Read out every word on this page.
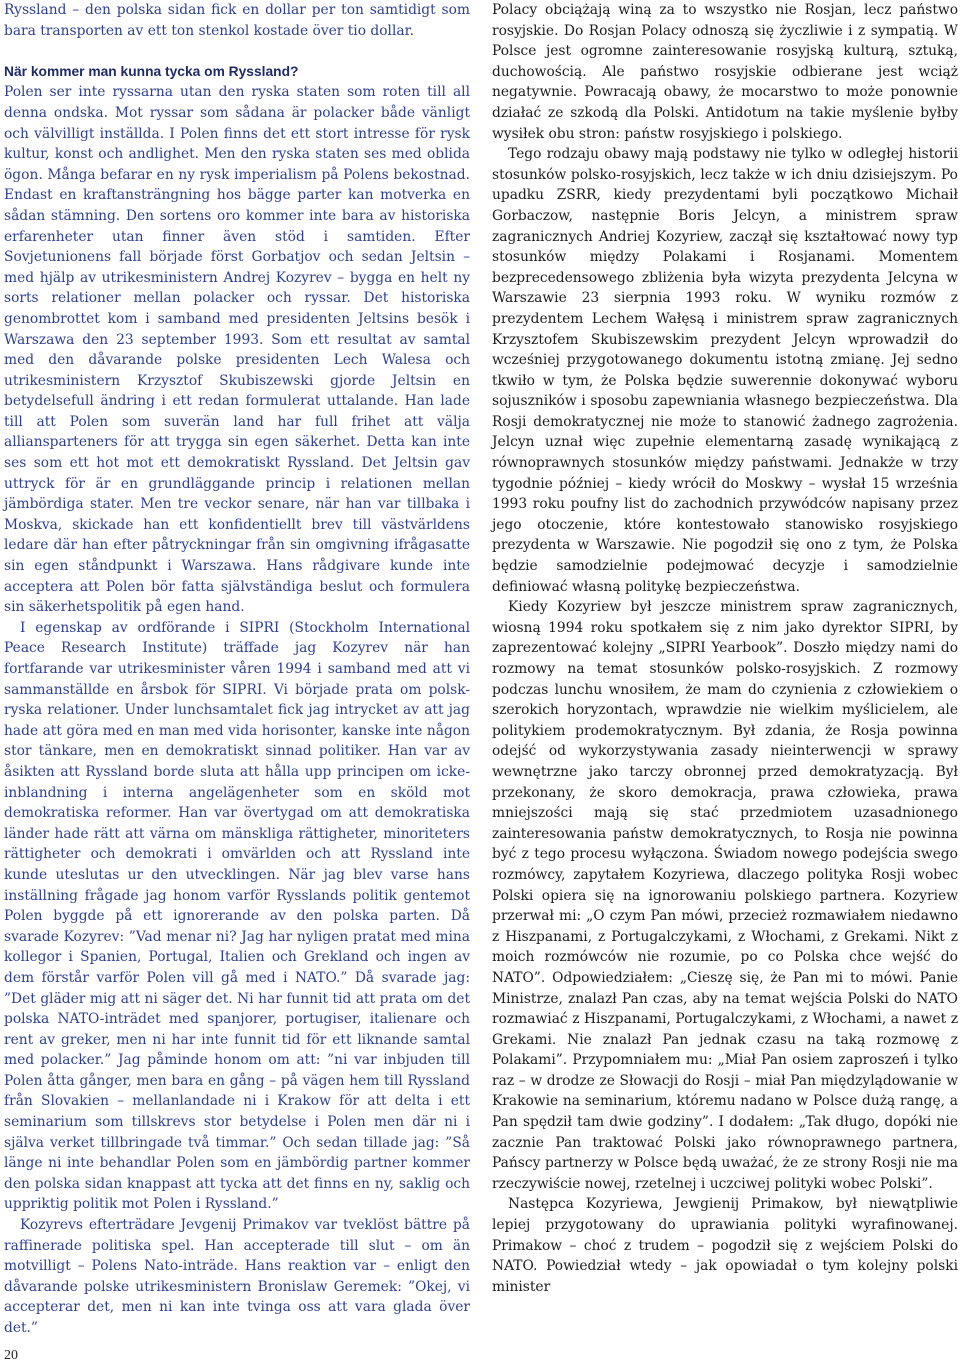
Ryssland – den polska sidan fick en dollar per ton samtidigt som bara transporten av ett ton stenkol kostade över tio dollar.

När kommer man kunna tycka om Ryssland?

Polen ser inte ryssarna utan den ryska staten som roten till all denna ondska. Mot ryssar som sådana är polacker både vänligt och välvilligt inställda. I Polen finns det ett stort intresse för rysk kultur, konst och andlighet. Men den ryska staten ses med oblida ögon. Många befarar en ny rysk imperialism på Polens bekostnad. Endast en kraftansträngning hos bägge parter kan motverka en sådan stämning. Den sortens oro kommer inte bara av historiska erfarenheter utan finner även stöd i samtiden. Efter Sovjetunionens fall började först Gorbatjov och sedan Jeltsin – med hjälp av utrikesministern Andrej Kozyrev – bygga en helt ny sorts relationer mellan polacker och ryssar. Det historiska genombrottet kom i samband med presidenten Jeltsins besök i Warszawa den 23 september 1993. Som ett resultat av samtal med den dåvarande polske presidenten Lech Walesa och utrikesministern Krzysztof Skubiszewski gjorde Jeltsin en betydelsefull ändring i ett redan formulerat uttalande. Han lade till att Polen som suverän land har full frihet att välja alliansparteners för att trygga sin egen säkerhet. Detta kan inte ses som ett hot mot ett demokratiskt Ryssland. Det Jeltsin gav uttryck för är en grundläggande princip i relationen mellan jämbördiga stater. Men tre veckor senare, när han var tillbaka i Moskva, skickade han ett konfidentiellt brev till västvärldens ledare där han efter påtryckningar från sin omgivning ifrågasatte sin egen ståndpunkt i Warszawa. Hans rådgivare kunde inte acceptera att Polen bör fatta självständiga beslut och formulera sin säkerhetspolitik på egen hand.

I egenskap av ordförande i SIPRI (Stockholm International Peace Research Institute) träffade jag Kozyrev när han fortfarande var utrikesminister våren 1994 i samband med att vi sammanställde en årsbok för SIPRI. Vi började prata om polsk-ryska relationer. Under lunchsamtalet fick jag intrycket av att jag hade att göra med en man med vida horisonter, kanske inte någon stor tänkare, men en demokratiskt sinnad politiker. Han var av åsikten att Ryssland borde sluta att hålla upp principen om icke-inblandning i interna angelägenheter som en sköld mot demokratiska reformer. Han var övertygad om att demokratiska länder hade rätt att värna om mänskliga rättigheter, minoriteters rättigheter och demokrati i omvärlden och att Ryssland inte kunde uteslutas ur den utvecklingen. När jag blev varse hans inställning frågade jag honom varför Rysslands politik gentemot Polen byggde på ett ignorerande av den polska parten. Då svarade Kozyrev: ”Vad menar ni? Jag har nyligen pratat med mina kollegor i Spanien, Portugal, Italien och Grekland och ingen av dem förstår varför Polen vill gå med i NATO.” Då svarade jag: ”Det gläder mig att ni säger det. Ni har funnit tid att prata om det polska NATO-inträdet med spanjorer, portugiser, italienare och rent av greker, men ni har inte funnit tid för ett liknande samtal med polacker.” Jag påminde honom om att: ”ni var inbjuden till Polen åtta gånger, men bara en gång – på vägen hem till Ryssland från Slovakien – mellanlandade ni i Krakow för att delta i ett seminarium som tillskrevs stor betydelse i Polen men där ni i själva verket tillbringade två timmar.” Och sedan tillade jag: ”Så länge ni inte behandlar Polen som en jämbördig partner kommer den polska sidan knappast att tycka att det finns en ny, saklig och uppriktig politik mot Polen i Ryssland.”

Kozyrevs efterträdare Jevgenij Primakov var tveklöst bättre på raffinerade politiska spel. Han accepterade till slut – om än motvilligt – Polens Nato-inträde. Hans reaktion var – enligt den dåvarande polske utrikesministern Bronislaw Geremek: ”Okej, vi accepterar det, men ni kan inte tvinga oss att vara glada över det.”

Polacy obciążają winą za to wszystko nie Rosjan, lecz państwo rosyjskie. Do Rosjan Polacy odnoszą się życzliwie i z sympatią. W Polsce jest ogromne zainteresowanie rosyjską kulturą, sztuką, duchowością. Ale państwo rosyjskie odbierane jest wciąż negatywnie. Powracają obawy, że mocarstwo to może ponownie działać ze szkodą dla Polski. Antidotum na takie myślenie byłby wysiłek obu stron: państw rosyjskiego i polskiego.

Tego rodzaju obawy mają podstawy nie tylko w odległej historii stosunków polsko-rosyjskich, lecz także w ich dniu dzisiejszym. Po upadku ZSRR, kiedy prezydentami byli początkowo Michaił Gorbaczow, następnie Boris Jelcyn, a ministrem spraw zagranicznych Andriej Kozyriew, zaczął się kształtować nowy typ stosunków między Polakami i Rosjanami. Momentem bezprecedensowego zbliżenia była wizyta prezydenta Jelcyna w Warszawie 23 sierpnia 1993 roku. W wyniku rozmów z prezydentem Lechem Wałęsą i ministrem spraw zagranicznych Krzysztofem Skubiszewskim prezydent Jelcyn wprowadził do wcześniej przygotowanego dokumentu istotną zmianę. Jej sedno tkwiło w tym, że Polska będzie suwerennie dokonywać wyboru sojuszników i sposobu zapewniania własnego bezpieczeństwa. Dla Rosji demokratycznej nie może to stanowić żadnego zagrożenia. Jelcyn uznał więc zupełnie elementarną zasadę wynikającą z równoprawnych stosunków między państwami. Jednakże w trzy tygodnie później – kiedy wrócił do Moskwy – wysłał 15 września 1993 roku poufny list do zachodnich przywódców napisany przez jego otoczenie, które kontestowało stanowisko rosyjskiego prezydenta w Warszawie. Nie pogodził się ono z tym, że Polska będzie samodzielnie podejmować decyzje i samodzielnie definiować własną politykę bezpieczeństwa.

Kiedy Kozyriew był jeszcze ministrem spraw zagranicznych, wiosną 1994 roku spotkałem się z nim jako dyrektor SIPRI, by zaprezentować kolejny „SIPRI Yearbook”. Doszło między nami do rozmowy na temat stosunków polsko-rosyjskich. Z rozmowy podczas lunchu wnosiłem, że mam do czynienia z człowiekiem o szerokich horyzontach, wprawdzie nie wielkim myślicielem, ale politykiem prodemokratycznym. Był zdania, że Rosja powinna odejść od wykorzystywania zasady nieinterwencji w sprawy wewnętrzne jako tarczy obronnej przed demokratyzacją. Był przekonany, że skoro demokracja, prawa człowieka, prawa mniejszości mają się stać przedmiotem uzasadnionego zainteresowania państw demokratycznych, to Rosja nie powinna być z tego procesu wyłączona. Świadom nowego podejścia swego rozmówcy, zapytałem Kozyriewa, dlaczego polityka Rosji wobec Polski opiera się na ignorowaniu polskiego partnera. Kozyriew przerwał mi: „O czym Pan mówi, przecież rozmawiałem niedawno z Hiszpanami, z Portugalczykami, z Włochami, z Grekami. Nikt z moich rozmówców nie rozumie, po co Polska chce wejść do NATO”. Odpowiedziałem: „Cieszę się, że Pan mi to mówi. Panie Ministrze, znalazł Pan czas, aby na temat wejścia Polski do NATO rozmawiać z Hiszpanami, Portugalczykami, z Włochami, a nawet z Grekami. Nie znalazł Pan jednak czasu na taką rozmowę z Polakami”. Przypomniałem mu: „Miał Pan osiem zaproszeń i tylko raz – w drodze ze Słowacji do Rosji – miał Pan międzylądowanie w Krakowie na seminarium, któremu nadano w Polsce dużą rangę, a Pan spędził tam dwie godziny”. I dodałem: „Tak długo, dopóki nie zacznie Pan traktować Polski jako równoprawnego partnera, Pańscy partnerzy w Polsce będą uważać, że ze strony Rosji nie ma rzeczywiście nowej, rzetelnej i uczciwej polityki wobec Polski”.

Następca Kozyriewa, Jewgienij Primakow, był niewątpliwie lepiej przygotowany do uprawiania polityki wyrafinowanej. Primakow – choć z trudem – pogodził się z wejściem Polski do NATO. Powiedział wtedy – jak opowiadał o tym kolejny polski minister

20
